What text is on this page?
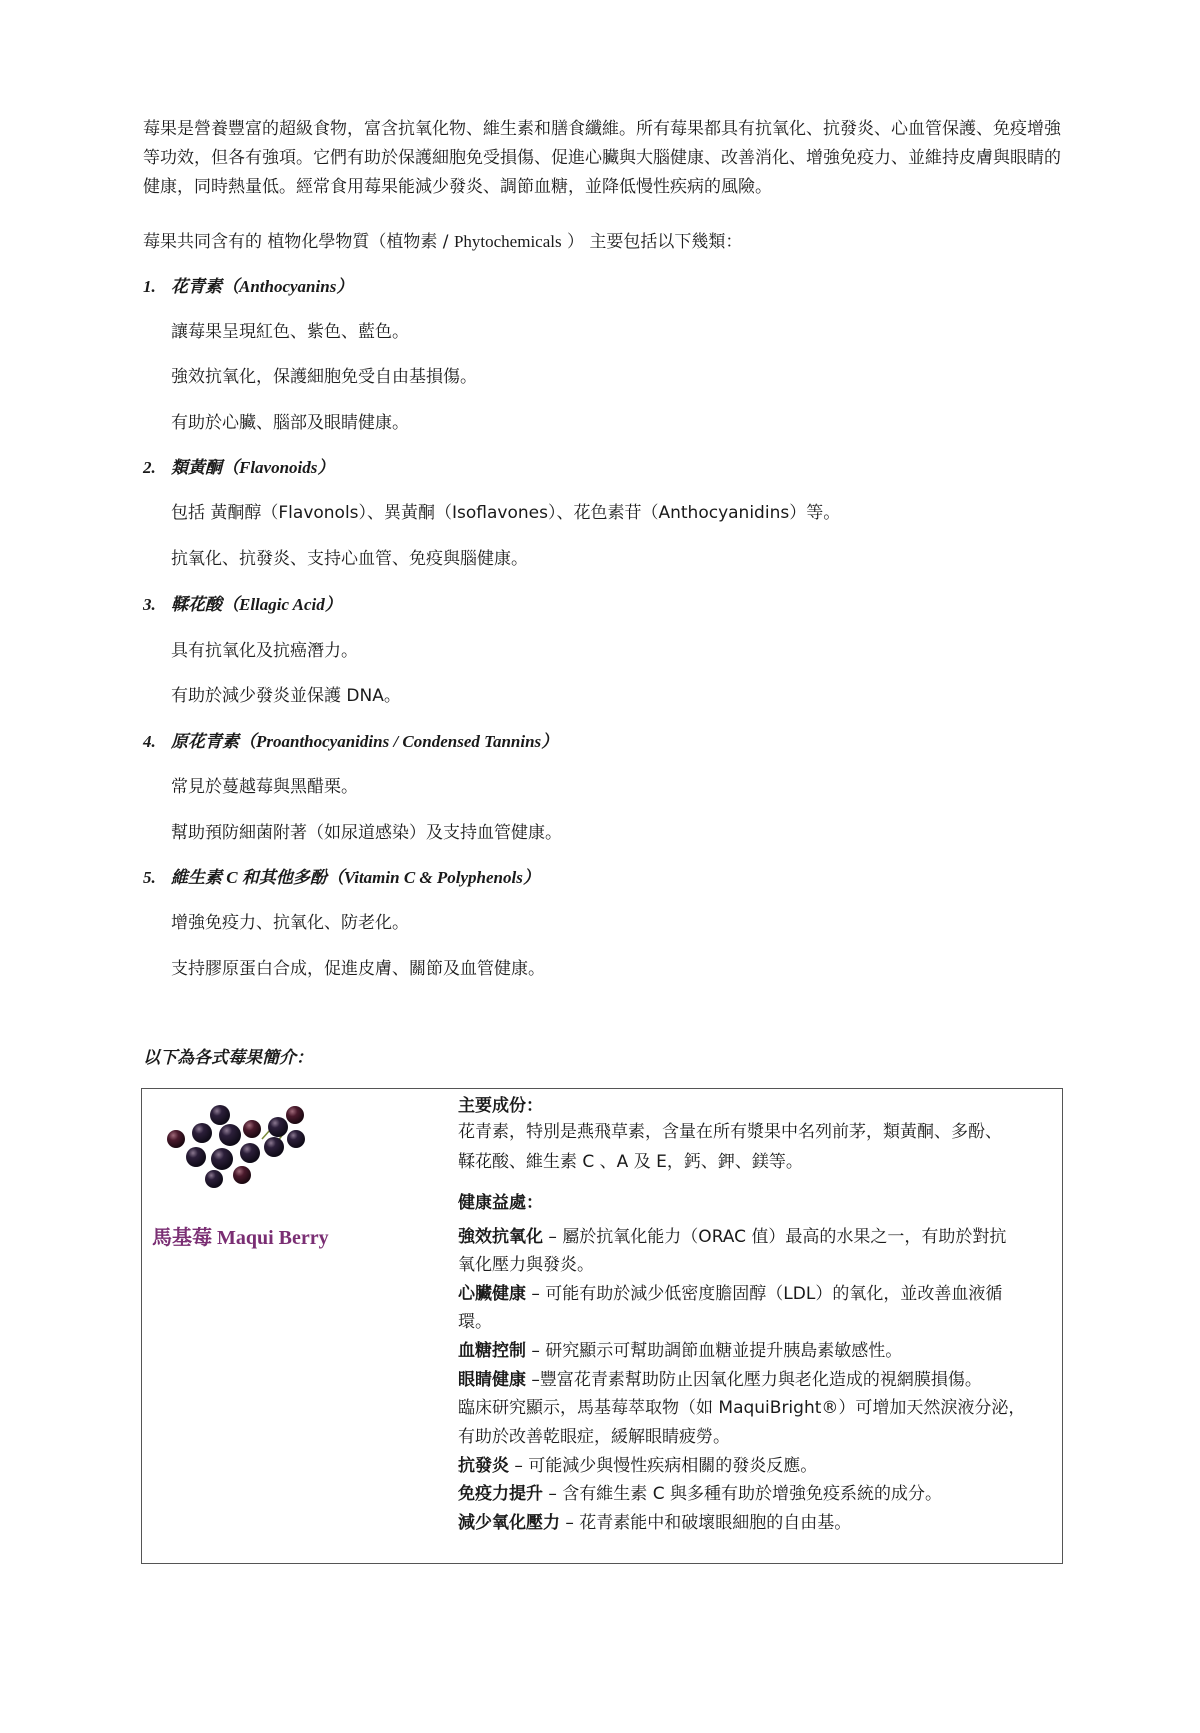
莓果是營養豐富的超級食物，富含抗氧化物、維生素和膳食纖維。所有莓果都具有抗氧化、抗發炎、心血管保護、免疫增強等功效，但各有強項。它們有助於保護細胞免受損傷、促進心臟與大腦健康、改善消化、增強免疫力、並維持皮膚與眼睛的健康，同時熱量低。經常食用莓果能減少發炎、調節血糖，並降低慢性疾病的風險。

莓果共同含有的 植物化學物質（植物素 / Phytochemicals ） 主要包括以下幾類：
1. 花青素（Anthocyanins）
讓莓果呈現紅色、紫色、藍色。
強效抗氧化，保護細胞免受自由基損傷。
有助於心臟、腦部及眼睛健康。
2. 類黃酮（Flavonoids）
包括 黃酮醇（Flavonols）、異黃酮（Isoflavones）、花色素苷（Anthocyanidins）等。
抗氧化、抗發炎、支持心血管、免疫與腦健康。
3. 鞣花酸（Ellagic Acid）
具有抗氧化及抗癌潛力。
有助於減少發炎並保護 DNA。
4. 原花青素（Proanthocyanidins / Condensed Tannins）
常見於蔓越莓與黑醋栗。
幫助預防細菌附著（如尿道感染）及支持血管健康。
5. 維生素 C 和其他多酚（Vitamin C & Polyphenols）
增強免疫力、抗氧化、防老化。
支持膠原蛋白合成，促進皮膚、關節及血管健康。
以下為各式莓果簡介：
馬基莓 Maqui Berry
主要成份：
花青素，特別是燕飛草素，含量在所有漿果中名列前茅，類黃酮、多酚、
鞣花酸、維生素 C 、A 及 E，鈣、鉀、鎂等。
健康益處：
強效抗氧化 – 屬於抗氧化能力（ORAC 值）最高的水果之一，有助於對抗
氧化壓力與發炎。
心臟健康 – 可能有助於減少低密度膽固醇（LDL）的氧化，並改善血液循
環。
血糖控制 – 研究顯示可幫助調節血糖並提升胰島素敏感性。
眼睛健康 –豐富花青素幫助防止因氧化壓力與老化造成的視網膜損傷。
臨床研究顯示，馬基莓萃取物（如 MaquiBright®）可增加天然淚液分泌，
有助於改善乾眼症，緩解眼睛疲勞。
抗發炎 – 可能減少與慢性疾病相關的發炎反應。
免疫力提升 – 含有維生素 C 與多種有助於增強免疫系統的成分。
減少氧化壓力 – 花青素能中和破壞眼細胞的自由基。
